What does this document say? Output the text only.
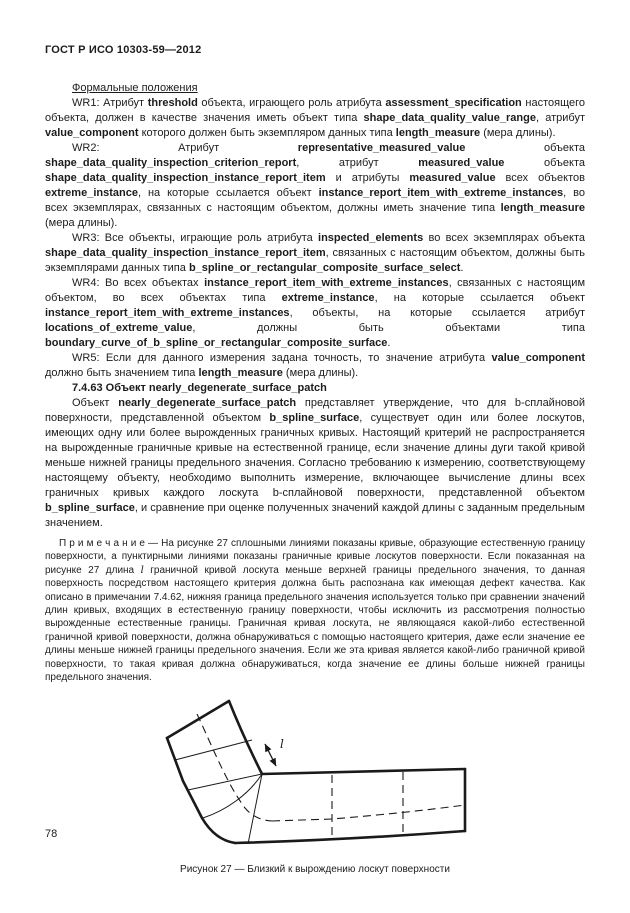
ГОСТ Р ИСО 10303-59—2012

Формальные положения

WR1: Атрибут threshold объекта, играющего роль атрибута assessment_specification настоящего объекта, должен в качестве значения иметь объект типа shape_data_quality_value_range, атрибут value_component которого должен быть экземпляром данных типа length_measure (мера длины).

WR2: Атрибут representative_measured_value объекта shape_data_quality_inspection_criterion_report, атрибут measured_value объекта shape_data_quality_inspection_instance_report_item и атрибуты measured_value всех объектов extreme_instance, на которые ссылается объект instance_report_item_with_extreme_instances, во всех экземплярах, связанных с настоящим объектом, должны иметь значение типа length_measure (мера длины).

WR3: Все объекты, играющие роль атрибута inspected_elements во всех экземплярах объекта shape_data_quality_inspection_instance_report_item, связанных с настоящим объектом, должны быть экземплярами данных типа b_spline_or_rectangular_composite_surface_select.

WR4: Во всех объектах instance_report_item_with_extreme_instances, связанных с настоящим объектом, во всех объектах типа extreme_instance, на которые ссылается объект instance_report_item_with_extreme_instances, объекты, на которые ссылается атрибут locations_of_extreme_value, должны быть объектами типа boundary_curve_of_b_spline_or_rectangular_composite_surface.

WR5: Если для данного измерения задана точность, то значение атрибута value_component должно быть значением типа length_measure (мера длины).

7.4.63 Объект nearly_degenerate_surface_patch

Объект nearly_degenerate_surface_patch представляет утверждение, что для b-сплайновой поверхности, представленной объектом b_spline_surface, существует один или более лоскутов, имеющих одну или более вырожденных граничных кривых. Настоящий критерий не распространяется на вырожденные граничные кривые на естественной границе, если значение длины дуги такой кривой меньше нижней границы предельного значения. Согласно требованию к измерению, соответствующему настоящему объекту, необходимо выполнить измерение, включающее вычисление длины всех граничных кривых каждого лоскута b-сплайновой поверхности, представленной объектом b_spline_surface, и сравнение при оценке полученных значений каждой длины с заданным предельным значением.

П р и м е ч а н и е — На рисунке 27 сплошными линиями показаны кривые, образующие естественную границу поверхности, а пунктирными линиями показаны граничные кривые лоскутов поверхности. Если показанная на рисунке 27 длина l граничной кривой лоскута меньше верхней границы предельного значения, то данная поверхность посредством настоящего критерия должна быть распознана как имеющая дефект качества. Как описано в примечании 7.4.62, нижняя граница предельного значения используется только при сравнении значений длин кривых, входящих в естественную границу поверхности, чтобы исключить из рассмотрения полностью вырожденные естественные границы. Граничная кривая лоскута, не являющаяся какой-либо естественной граничной кривой поверхности, должна обнаруживаться с помощью настоящего критерия, даже если значение ее длины меньше нижней границы предельного значения. Если же эта кривая является какой-либо граничной кривой поверхности, то такая кривая должна обнаруживаться, когда значение ее длины больше нижней границы предельного значения.

l
Рисунок 27 — Близкий к вырождению лоскут поверхности
78
